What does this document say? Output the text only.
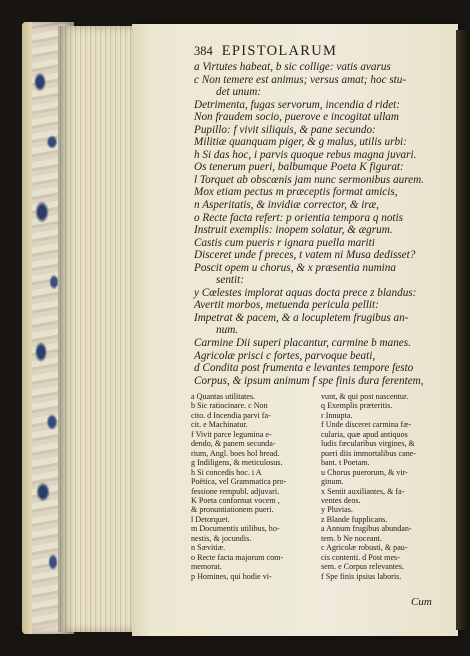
384 EPISTOLARUM
a Virtutes habeat, b sic collige: vatis avarus
c Non temere est animus; versus amat; hoc stu-
det unum:
Detrimenta, fugas servorum, incendia d ridet:
Non fraudem socio, puerove e incogitat ullam
Pupillo: f vivit siliquis, & pane secundo:
Militiæ quanquam piger, & g malus, utilis urbi:
h Si das hoc, i parvis quoque rebus magna juvari.
Os tenerum pueri, balbumque Poeta K figurat:
l Torquet ab obscœnis jam nunc sermonibus aurem.
Mox etiam pectus m præceptis format amicis,
n Asperitatis, & invidiæ corrector, & iræ,
o Recte facta refert: p orientia tempora q notis
Instruit exemplis: inopem solatur, & ægrum.
Castis cum pueris r ignara puella mariti
Disceret unde f preces, t vatem ni Musa dedisset?
Poscit opem u chorus, & x præsentia numina
sentit:
y Cœlestes implorat aquas docta prece z blandus:
Avertit morbos, metuenda pericula pellit:
Impetrat & pacem, & a locupletem frugibus an-
num.
Carmine Dii superi placantur, carmine b manes.
Agricolæ prisci c fortes, parvoque beati,
d Condita post frumenta e levantes tempore festo
Corpus, & ipsum animum f spe finis dura ferentem,
a Quantas utilitates.
b Sic ratiocinare. c Non
cito. d Incendia parvi fa-
cit. e Machinatur.
f Vivit parce legumina e-
dendo, & panem secunda-
rium, Angl. boes hol bread.
g Indiligens, & meticulosus.
h Si concedis hoc. i A
Poëtica, vel Grammatica pro-
fessione rempubl. adjuvari.
K Poeta conformat vocem ,
& pronuntiationem pueri.
l Detorquet.
m Documentis utilibus, ho-
nestis, & jocundis.
n Sævitiæ.
o Recte facta majorum com-
memorat.
p Homines, qui hodie vi-
vunt, & qui post nascentur.
q Exemplis præteritis.
r Innupta.
f Unde disceret carmina fæ-
cularia, quæ apud antiquos
ludis fæcularibus virgines, &
pueri diis immortalibus cane-
bant. t Poetam.
u Chorus puerorum, & vir-
ginum.
x Sentit auxiliantes, & fa-
ventes deos.
y Pluvias.
z Blande fupplicans.
a Annum frugibus abundan-
tem. b Ne noceant.
c Agricolæ robusti, & pau-
cis contenti. d Post mes-
sem. e Corpus relevantes.
f Spe finis ipsius laboris.
Cum
